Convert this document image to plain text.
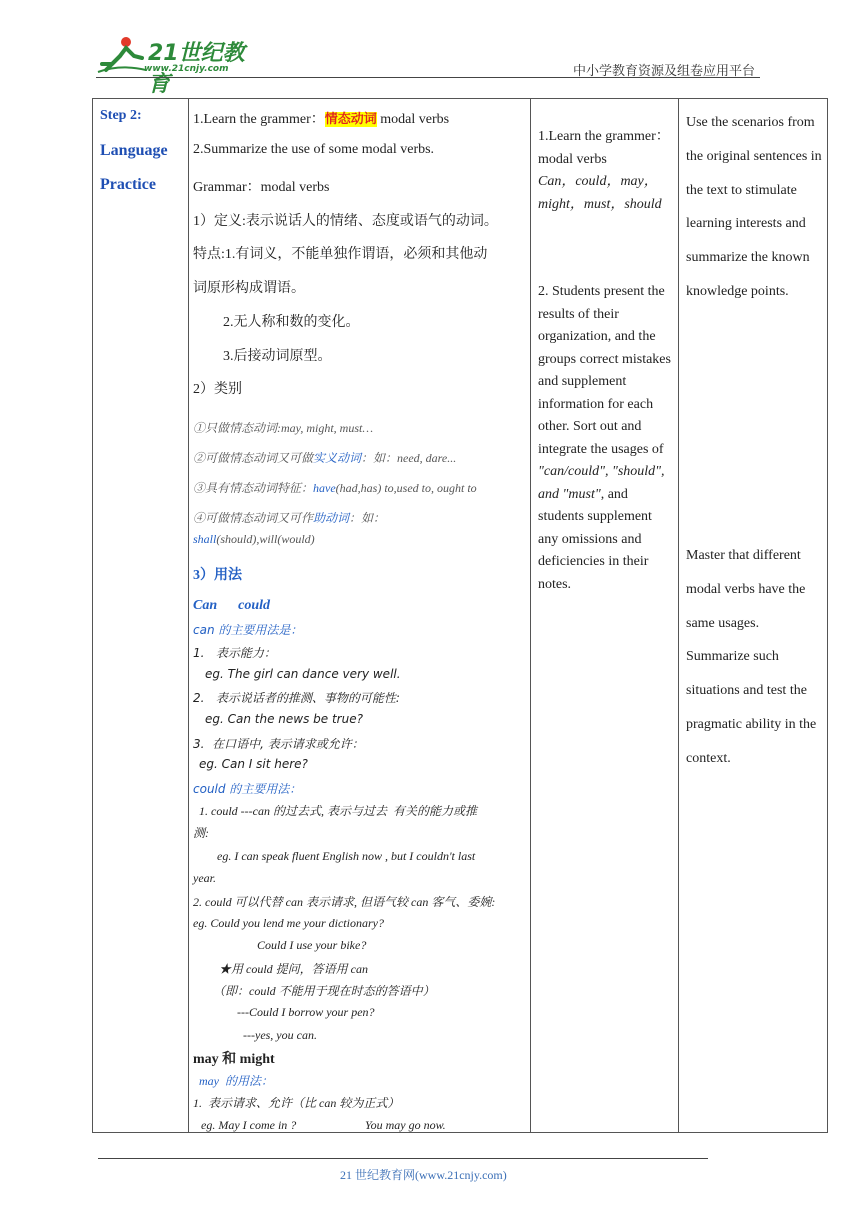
21世纪教育
www.21cnjy.com	中小学教育资源及组卷应用平台
Step 2:
Language
Practice

1.Learn the grammer：情态动词 modal verbs
2.Summarize the use of some modal verbs.
Grammar：modal verbs
1）定义:表示说话人的情绪、态度或语气的动词。
特点:1.有词义，不能单独作谓语，必须和其他动
词原形构成谓语。
2.无人称和数的变化。
3.后接动词原型。
2）类别
①只做情态动词:may, might, must…
②可做情态动词又可做实义动词：如：need, dare...
③具有情态动词特征：have(had,has) to,used to, ought to
④可做情态动词又可作助动词：如：
shall(should),will(would)
3）用法
Can      could
can 的主要用法是：
1.   表示能力：
eg. The girl can dance very well.
2.   表示说话者的推测、事物的可能性:
eg. Can the news be true?
3.  在口语中, 表示请求或允许：
eg. Can I sit here?
could 的主要用法：
1. could ---can 的过去式, 表示与过去  有关的能力或推
测:
eg. I can speak fluent English now , but I couldn't last
year.
2. could 可以代替 can 表示请求, 但语气较 can 客气、委婉:
eg. Could you lend me your dictionary?
Could I use your bike?
★用 could 提问，答语用 can
（即：could 不能用于现在时态的答语中）
---Could I borrow your pen?
---yes, you can.
may 和 might
may  的用法：
1.  表示请求、允许（比 can 较为正式）
eg. May I come in ?	You may go now.

1.Learn the grammer：modal verbs
Can，could，may，might，must，should
2. Students present the results of their organization, and the groups correct mistakes and supplement information for each other. Sort out and integrate the usages of "can/could", "should", and "must", and students supplement any omissions and deficiencies in their notes.

Use the scenarios from the original sentences in the text to stimulate learning interests and summarize the known knowledge points.
Master that different modal verbs have the same usages. Summarize such situations and test the pragmatic ability in the context.
21 世纪教育网(www.21cnjy.com)
